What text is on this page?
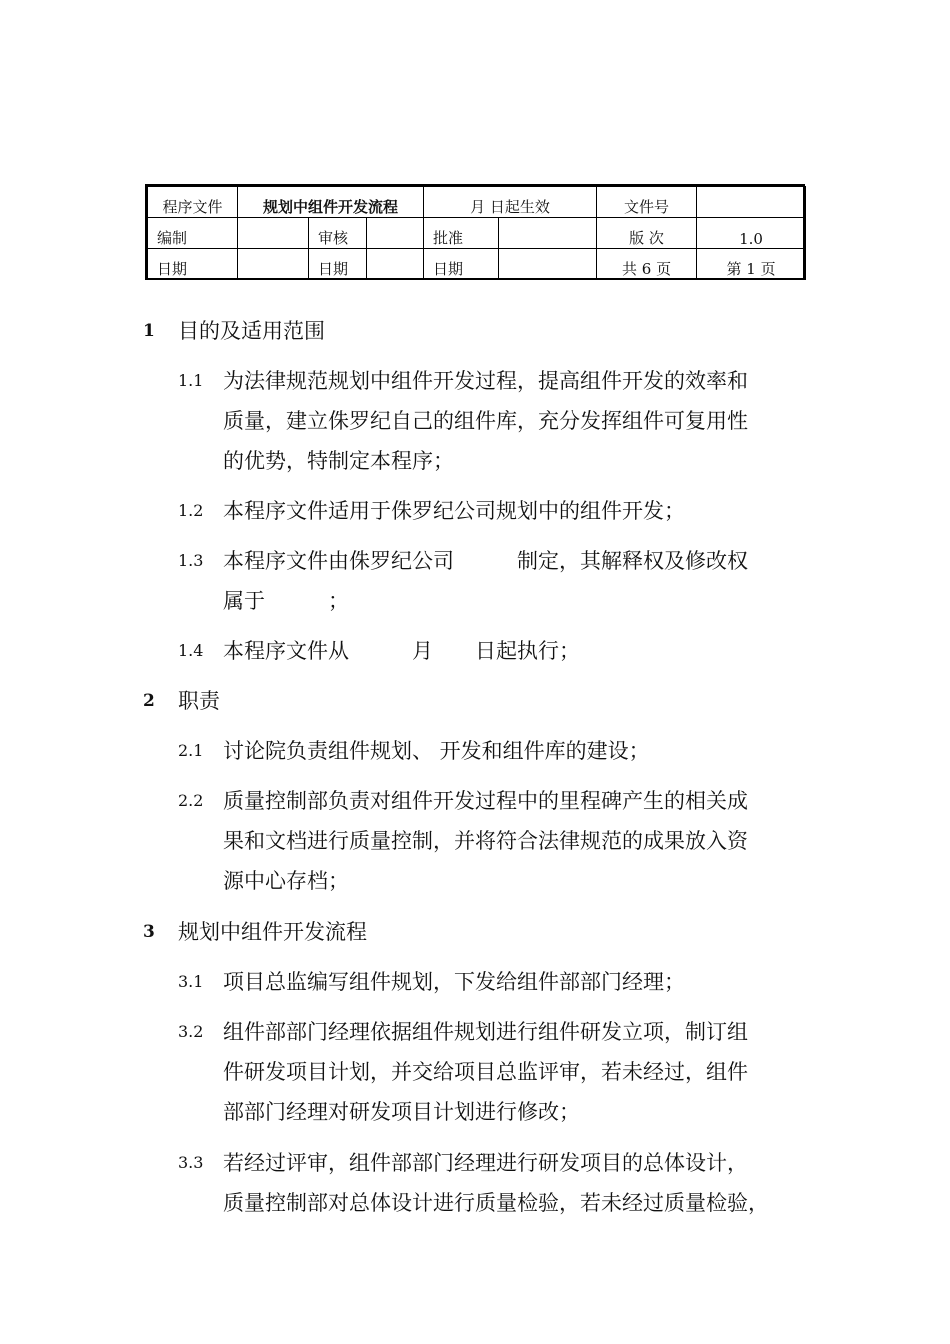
程序文件	规划中组件开发流程			月 日起生效		文件号	
编制		审核		批准		版 次	1.0
日期		日期		日期		共 6 页	第 1 页
1	目的及适用范围
1.1 为法律规范规划中组件开发过程，提高组件开发的效率和
质量，建立侏罗纪自己的组件库，充分发挥组件可复用性
的优势，特制定本程序；
1.2 本程序文件适用于侏罗纪公司规划中的组件开发；
1.3 本程序文件由侏罗纪公司　　　制定，其解释权及修改权
属于　　　；
1.4 本程序文件从　　　月　　日起执行；
2	职责
2.1 讨论院负责组件规划、 开发和组件库的建设；
2.2 质量控制部负责对组件开发过程中的里程碑产生的相关成
果和文档进行质量控制，并将符合法律规范的成果放入资
源中心存档；
3	规划中组件开发流程
3.1 项目总监编写组件规划，下发给组件部部门经理；
3.2 组件部部门经理依据组件规划进行组件研发立项，制订组
件研发项目计划，并交给项目总监评审，若未经过，组件
部部门经理对研发项目计划进行修改；
3.3 若经过评审，组件部部门经理进行研发项目的总体设计，
质量控制部对总体设计进行质量检验，若未经过质量检验，
